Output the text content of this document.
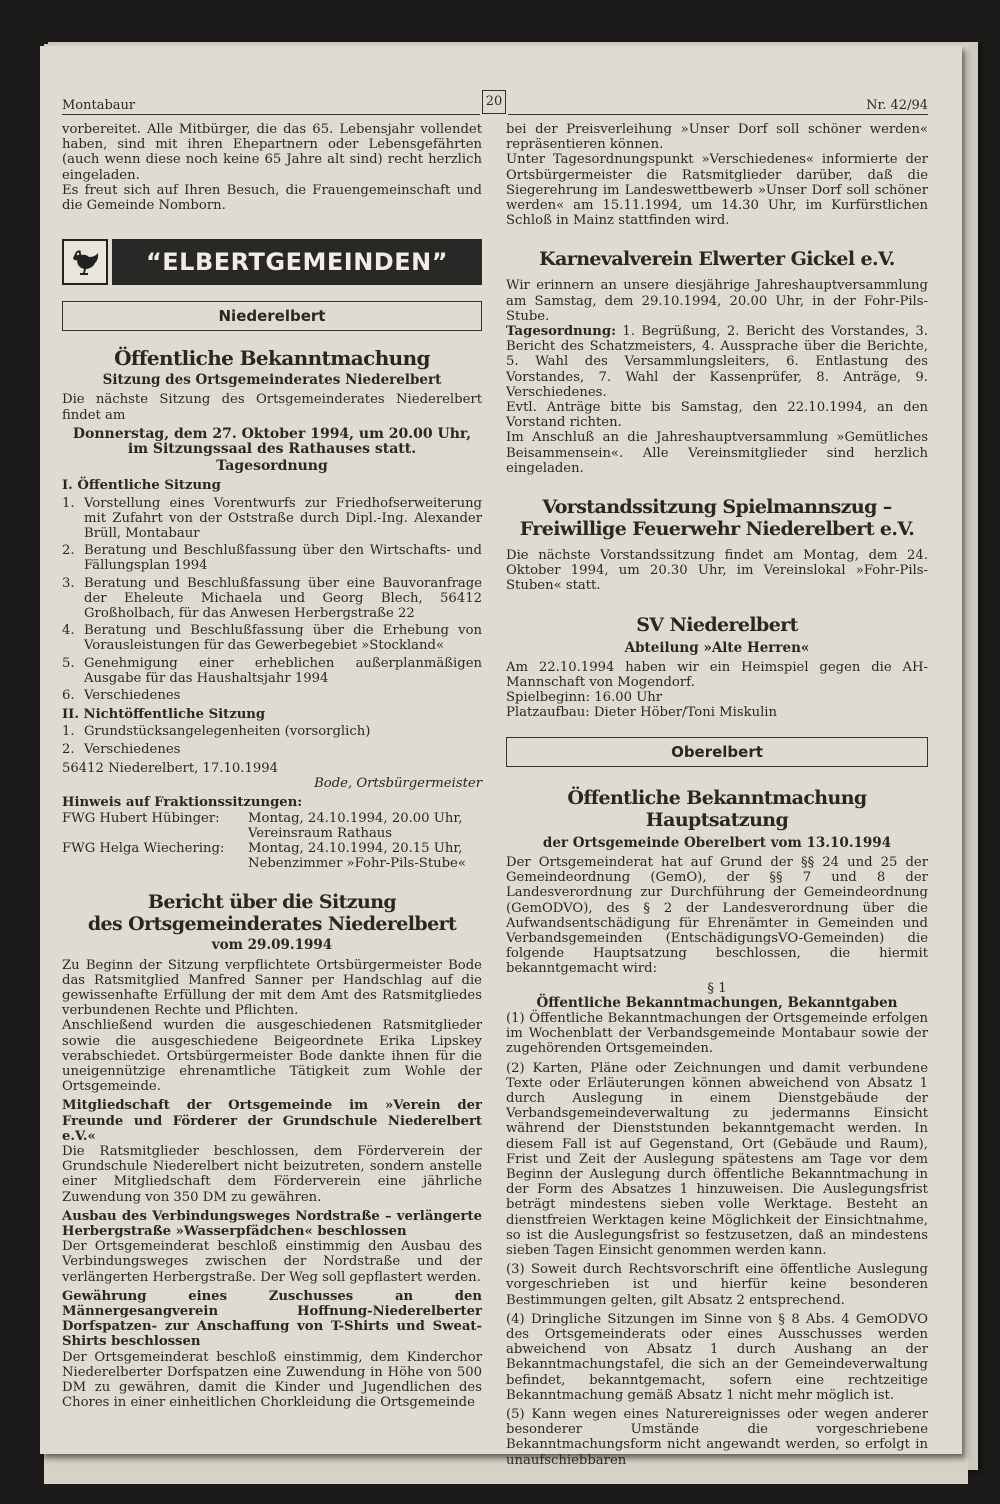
Montabaur	20	Nr. 42/94

vorbereitet. Alle Mitbürger, die das 65. Lebensjahr vollendet haben, sind mit ihren Ehepartnern oder Lebensgefährten (auch wenn diese noch keine 65 Jahre alt sind) recht herzlich eingeladen.

Es freut sich auf Ihren Besuch, die Frauengemeinschaft und die Gemeinde Nomborn.

“ELBERTGEMEINDEN”
Niederelbert
Öffentliche Bekanntmachung
Sitzung des Ortsgemeinderates Niederelbert

Die nächste Sitzung des Ortsgemeinderates Niederelbert findet am

Donnerstag, dem 27. Oktober 1994, um 20.00 Uhr,
im Sitzungssaal des Rathauses statt.
Tagesordnung
I. Öffentliche Sitzung
1. Vorstellung eines Vorentwurfs zur Friedhofserweiterung mit Zufahrt von der Oststraße durch Dipl.-Ing. Alexander Brüll, Montabaur
2. Beratung und Beschlußfassung über den Wirtschafts- und Fällungsplan 1994
3. Beratung und Beschlußfassung über eine Bauvoranfrage der Eheleute Michaela und Georg Blech, 56412 Großholbach, für das Anwesen Herbergstraße 22
4. Beratung und Beschlußfassung über die Erhebung von Vorausleistungen für das Gewerbegebiet »Stockland«
5. Genehmigung einer erheblichen außerplanmäßigen Ausgabe für das Haushaltsjahr 1994
6. Verschiedenes
II. Nichtöffentliche Sitzung
1. Grundstücksangelegenheiten (vorsorglich)
2. Verschiedenes

56412 Niederelbert, 17.10.1994

Bode, Ortsbürgermeister
Hinweis auf Fraktionssitzungen:
FWG Hubert Hübinger:	Montag, 24.10.1994, 20.00 Uhr,
Vereinsraum Rathaus
FWG Helga Wiechering:	Montag, 24.10.1994, 20.15 Uhr,
Nebenzimmer »Fohr-Pils-Stube«
Bericht über die Sitzung
des Ortsgemeinderates Niederelbert
vom 29.09.1994

Zu Beginn der Sitzung verpflichtete Ortsbürgermeister Bode das Ratsmitglied Manfred Sanner per Handschlag auf die gewissenhafte Erfüllung der mit dem Amt des Ratsmitgliedes verbundenen Rechte und Pflichten.

Anschließend wurden die ausgeschiedenen Ratsmitglieder sowie die ausgeschiedene Beigeordnete Erika Lipskey verabschiedet. Ortsbürgermeister Bode dankte ihnen für die uneigennützige ehrenamtliche Tätigkeit zum Wohle der Ortsgemeinde.

Mitgliedschaft der Ortsgemeinde im »Verein der Freunde und Förderer der Grundschule Niederelbert e.V.«

Die Ratsmitglieder beschlossen, dem Förderverein der Grundschule Niederelbert nicht beizutreten, sondern anstelle einer Mitgliedschaft dem Förderverein eine jährliche Zuwendung von 350 DM zu gewähren.

Ausbau des Verbindungsweges Nordstraße – verlängerte Herbergstraße »Wasserpfädchen« beschlossen

Der Ortsgemeinderat beschloß einstimmig den Ausbau des Verbindungsweges zwischen der Nordstraße und der verlängerten Herbergstraße. Der Weg soll gepflastert werden.

Gewährung eines Zuschusses an den Männergesangverein Hoffnung-Niederelberter Dorfspatzen- zur Anschaffung von T-Shirts und Sweat-Shirts beschlossen

Der Ortsgemeinderat beschloß einstimmig, dem Kinderchor Niederelberter Dorfspatzen eine Zuwendung in Höhe von 500 DM zu gewähren, damit die Kinder und Jugendlichen des Chores in einer einheitlichen Chorkleidung die Ortsgemeinde

bei der Preisverleihung »Unser Dorf soll schöner werden« repräsentieren können.

Unter Tagesordnungspunkt »Verschiedenes« informierte der Ortsbürgermeister die Ratsmitglieder darüber, daß die Siegerehrung im Landeswettbewerb »Unser Dorf soll schöner werden« am 15.11.1994, um 14.30 Uhr, im Kurfürstlichen Schloß in Mainz stattfinden wird.

Karnevalverein Elwerter Gickel e.V.

Wir erinnern an unsere diesjährige Jahreshauptversammlung am Samstag, dem 29.10.1994, 20.00 Uhr, in der Fohr-Pils-Stube.

Tagesordnung: 1. Begrüßung, 2. Bericht des Vorstandes, 3. Bericht des Schatzmeisters, 4. Aussprache über die Berichte, 5. Wahl des Versammlungsleiters, 6. Entlastung des Vorstandes, 7. Wahl der Kassenprüfer, 8. Anträge, 9. Verschiedenes.

Evtl. Anträge bitte bis Samstag, den 22.10.1994, an den Vorstand richten.

Im Anschluß an die Jahreshauptversammlung »Gemütliches Beisammensein«. Alle Vereinsmitglieder sind herzlich eingeladen.

Vorstandssitzung Spielmannszug –
Freiwillige Feuerwehr Niederelbert e.V.

Die nächste Vorstandssitzung findet am Montag, dem 24. Oktober 1994, um 20.30 Uhr, im Vereinslokal »Fohr-Pils-Stuben« statt.

SV Niederelbert
Abteilung »Alte Herren«

Am 22.10.1994 haben wir ein Heimspiel gegen die AH-Mannschaft von Mogendorf.

Spielbeginn: 16.00 Uhr

Platzaufbau: Dieter Höber/Toni Miskulin

Oberelbert
Öffentliche Bekanntmachung
Hauptsatzung
der Ortsgemeinde Oberelbert vom 13.10.1994

Der Ortsgemeinderat hat auf Grund der §§ 24 und 25 der Gemeindeordnung (GemO), der §§ 7 und 8 der Landesverordnung zur Durchführung der Gemeindeordnung (GemODVO), des § 2 der Landesverordnung über die Aufwandsentschädigung für Ehrenämter in Gemeinden und Verbandsgemeinden (EntschädigungsVO-Gemeinden) die folgende Hauptsatzung beschlossen, die hiermit bekanntgemacht wird:

§ 1
Öffentliche Bekanntmachungen, Bekanntgaben

(1) Öffentliche Bekanntmachungen der Ortsgemeinde erfolgen im Wochenblatt der Verbandsgemeinde Montabaur sowie der zugehörenden Ortsgemeinden.

(2) Karten, Pläne oder Zeichnungen und damit verbundene Texte oder Erläuterungen können abweichend von Absatz 1 durch Auslegung in einem Dienstgebäude der Verbandsgemeindeverwaltung zu jedermanns Einsicht während der Dienststunden bekanntgemacht werden. In diesem Fall ist auf Gegenstand, Ort (Gebäude und Raum), Frist und Zeit der Auslegung spätestens am Tage vor dem Beginn der Auslegung durch öffentliche Bekanntmachung in der Form des Absatzes 1 hinzuweisen. Die Auslegungsfrist beträgt mindestens sieben volle Werktage. Besteht an dienstfreien Werktagen keine Möglichkeit der Einsichtnahme, so ist die Auslegungsfrist so festzusetzen, daß an mindestens sieben Tagen Einsicht genommen werden kann.

(3) Soweit durch Rechtsvorschrift eine öffentliche Auslegung vorgeschrieben ist und hierfür keine besonderen Bestimmungen gelten, gilt Absatz 2 entsprechend.

(4) Dringliche Sitzungen im Sinne von § 8 Abs. 4 GemODVO des Ortsgemeinderats oder eines Ausschusses werden abweichend von Absatz 1 durch Aushang an der Bekanntmachungstafel, die sich an der Gemeindeverwaltung befindet, bekanntgemacht, sofern eine rechtzeitige Bekanntmachung gemäß Absatz 1 nicht mehr möglich ist.

(5) Kann wegen eines Naturereignisses oder wegen anderer besonderer Umstände die vorgeschriebene Bekanntmachungsform nicht angewandt werden, so erfolgt in unaufschiebbaren
